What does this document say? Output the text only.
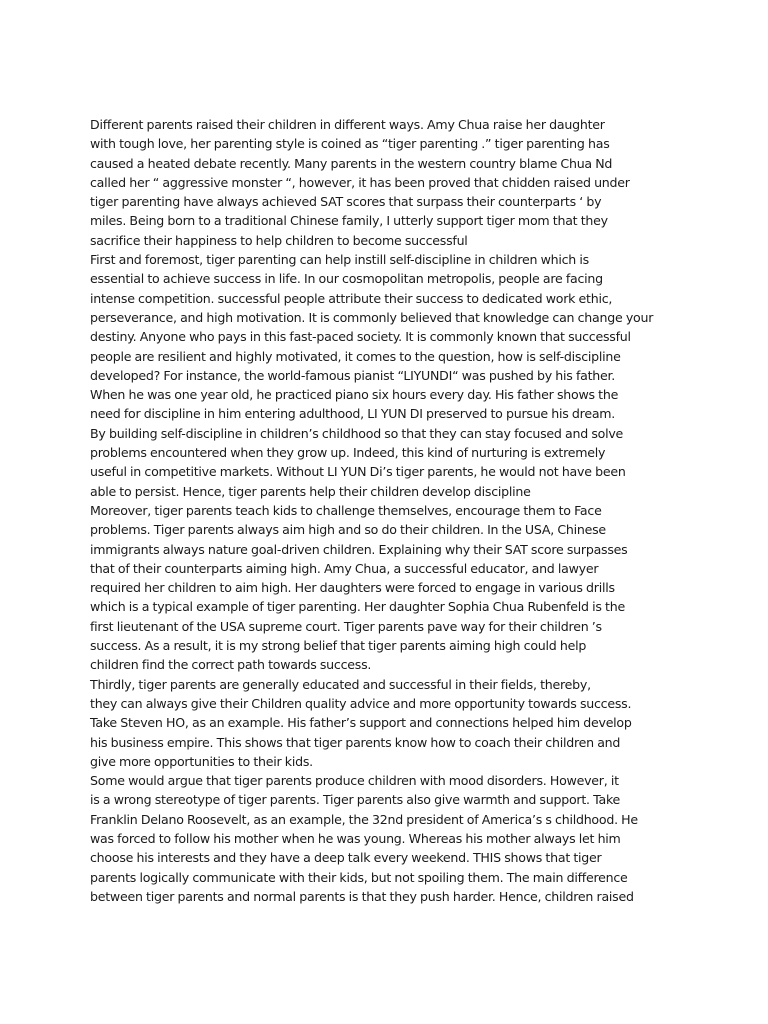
Different parents raised their children in different ways. Amy Chua raise her daughter
with tough love, her parenting style is coined as “tiger parenting .” tiger parenting has
caused a heated debate recently. Many parents in the western country blame Chua Nd
called her “ aggressive monster “, however, it has been proved that chidden raised under
tiger parenting have always achieved SAT scores that surpass their counterparts ‘ by
miles. Being born to a traditional Chinese family, I utterly support tiger mom that they
sacrifice their happiness to help children to become successful
First and foremost, tiger parenting can help instill self-discipline in children which is
essential to achieve success in life. In our cosmopolitan metropolis, people are facing
intense competition. successful people attribute their success to dedicated work ethic,
perseverance, and high motivation. It is commonly believed that knowledge can change your
destiny. Anyone who pays in this fast-paced society. It is commonly known that successful
people are resilient and highly motivated, it comes to the question, how is self-discipline
developed? For instance, the world-famous pianist “LIYUNDI“ was pushed by his father.
When he was one year old, he practiced piano six hours every day. His father shows the
need for discipline in him entering adulthood, LI YUN DI preserved to pursue his dream.
By building self-discipline in children’s childhood so that they can stay focused and solve
problems encountered when they grow up. Indeed, this kind of nurturing is extremely
useful in competitive markets. Without LI YUN Di’s tiger parents, he would not have been
able to persist. Hence, tiger parents help their children develop discipline
Moreover, tiger parents teach kids to challenge themselves, encourage them to Face
problems. Tiger parents always aim high and so do their children. In the USA, Chinese
immigrants always nature goal-driven children. Explaining why their SAT score surpasses
that of their counterparts aiming high. Amy Chua, a successful educator, and lawyer
required her children to aim high. Her daughters were forced to engage in various drills
which is a typical example of tiger parenting. Her daughter Sophia Chua Rubenfeld is the
first lieutenant of the USA supreme court. Tiger parents pave way for their children ’s
success. As a result, it is my strong belief that tiger parents aiming high could help
children find the correct path towards success.
Thirdly, tiger parents are generally educated and successful in their fields, thereby,
they can always give their Children quality advice and more opportunity towards success.
Take Steven HO, as an example. His father’s support and connections helped him develop
his business empire. This shows that tiger parents know how to coach their children and
give more opportunities to their kids.
Some would argue that tiger parents produce children with mood disorders. However, it
is a wrong stereotype of tiger parents. Tiger parents also give warmth and support. Take
Franklin Delano Roosevelt, as an example, the 32nd president of America’s s childhood. He
was forced to follow his mother when he was young. Whereas his mother always let him
choose his interests and they have a deep talk every weekend. THIS shows that tiger
parents logically communicate with their kids, but not spoiling them. The main difference
between tiger parents and normal parents is that they push harder. Hence, children raised
